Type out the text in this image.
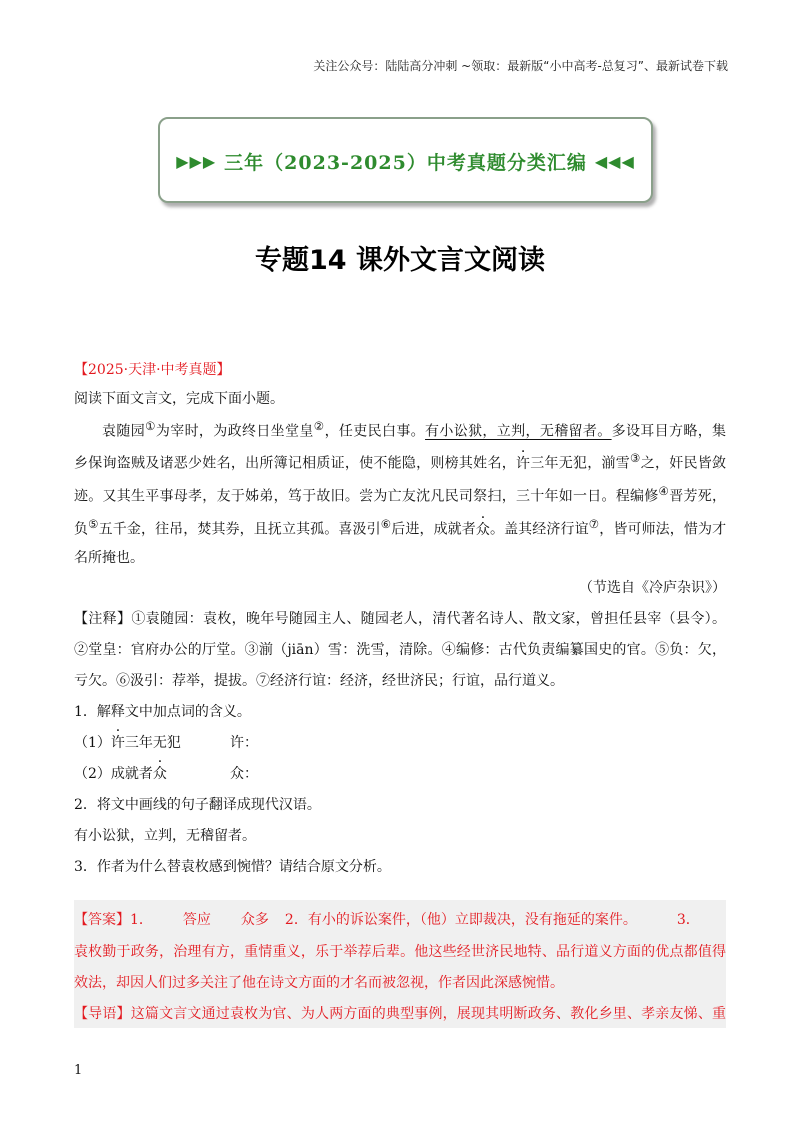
关注公众号：陆陆高分冲刺 ~领取：最新版“小中高考-总复习”、最新试卷下载
▶▶▶ 三年（2023-2025）中考真题分类汇编 ◀◀◀
专题14 课外文言文阅读
【2025·天津·中考真题】
阅读下面文言文，完成下面小题。
袁随园①为宰时，为政终日坐堂皇②，任吏民白事。有小讼狱，立判，无稽留者。多设耳目方略，集
乡保询盗贼及诸恶少姓名，出所簿记相质证，使不能隐，则榜其姓名，许三年无犯，湔雪③之，奸民皆敛
迹。又其生平事母孝，友于姊弟，笃于故旧。尝为亡友沈凡民司祭扫，三十年如一日。程编修④晋芳死，
负⑤五千金，往吊，焚其券，且抚立其孤。喜汲引⑥后进，成就者众。盖其经济行谊⑦，皆可师法，惜为才
名所掩也。
（节选自《冷庐杂识》）
【注释】①袁随园：袁枚，晚年号随园主人、随园老人，清代著名诗人、散文家，曾担任县宰（县令）。
②堂皇：官府办公的厅堂。③湔（jiān）雪：洗雪，清除。④编修：古代负责编纂国史的官。⑤负：欠，
亏欠。⑥汲引：荐举，提拔。⑦经济行谊：经济，经世济民；行谊，品行道义。
1．解释文中加点词的含义。
（1）许三年无犯	许：
（2）成就者众	众：
2．将文中画线的句子翻译成现代汉语。
有小讼狱，立判，无稽留者。
3．作者为什么替袁枚感到惋惜？请结合原文分析。
【答案】1． 答应 众多 2．有小的诉讼案件，（他）立即裁决，没有拖延的案件。	3．
袁枚勤于政务，治理有方，重情重义，乐于举荐后辈。他这些经世济民地特、品行道义方面的优点都值得
效法，却因人们过多关注了他在诗文方面的才名而被忽视，作者因此深感惋惜。
【导语】这篇文言文通过袁枚为官、为人两方面的典型事例，展现其明断政务、教化乡里、孝亲友悌、重
1
